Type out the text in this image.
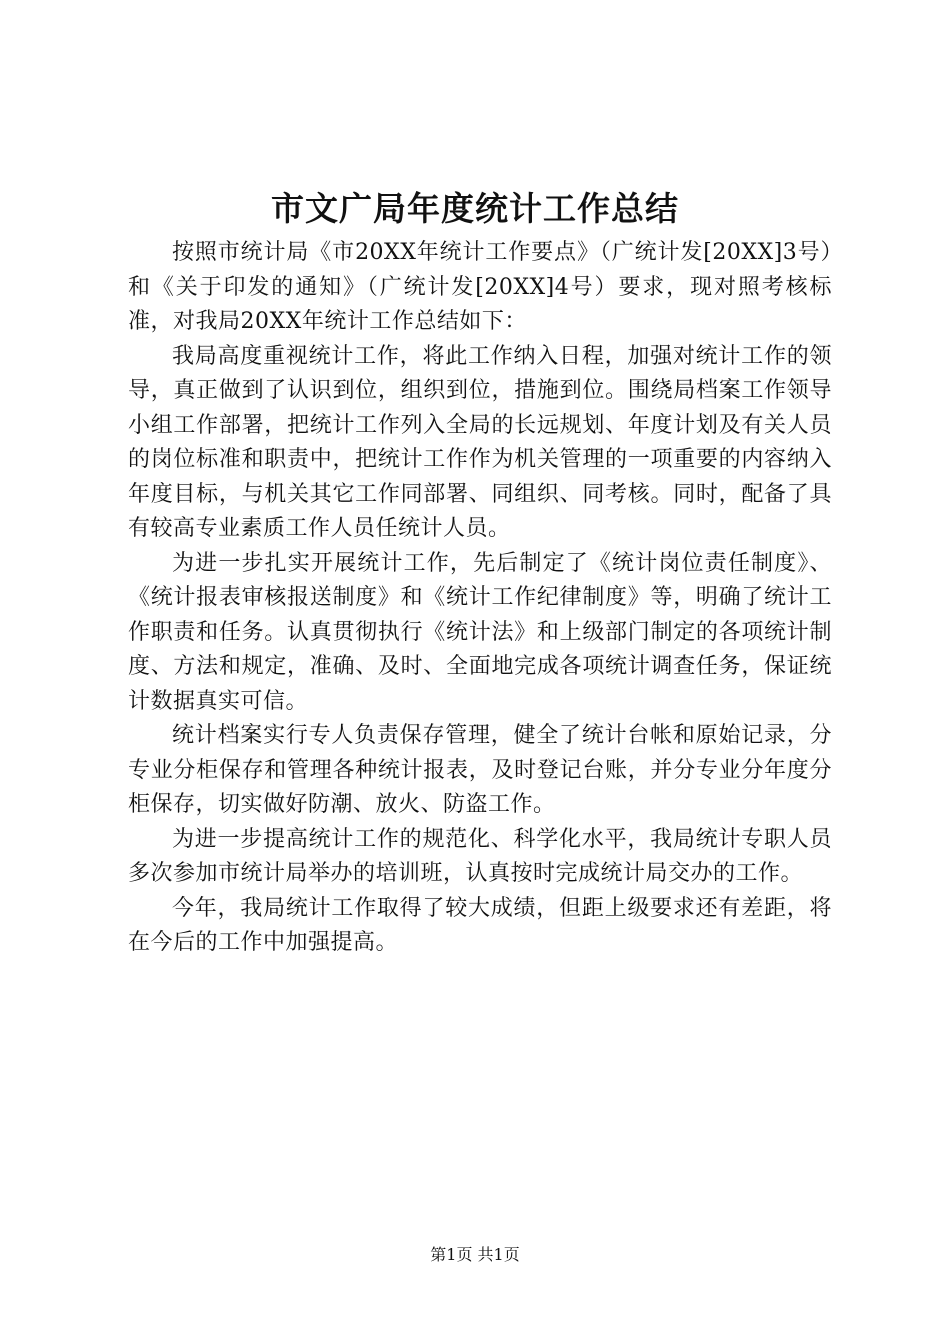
市文广局年度统计工作总结

按照市统计局《市20XX年统计工作要点》（广统计发[20XX]3号）和《关于印发的通知》（广统计发[20XX]4号）要求，现对照考核标准，对我局20XX年统计工作总结如下：

我局高度重视统计工作，将此工作纳入日程，加强对统计工作的领导，真正做到了认识到位，组织到位，措施到位。围绕局档案工作领导小组工作部署，把统计工作列入全局的长远规划、年度计划及有关人员的岗位标准和职责中，把统计工作作为机关管理的一项重要的内容纳入年度目标，与机关其它工作同部署、同组织、同考核。同时，配备了具有较高专业素质工作人员任统计人员。

为进一步扎实开展统计工作，先后制定了《统计岗位责任制度》、《统计报表审核报送制度》和《统计工作纪律制度》等，明确了统计工作职责和任务。认真贯彻执行《统计法》和上级部门制定的各项统计制度、方法和规定，准确、及时、全面地完成各项统计调查任务，保证统计数据真实可信。

统计档案实行专人负责保存管理，健全了统计台帐和原始记录，分专业分柜保存和管理各种统计报表，及时登记台账，并分专业分年度分柜保存，切实做好防潮、放火、防盗工作。

为进一步提高统计工作的规范化、科学化水平，我局统计专职人员多次参加市统计局举办的培训班，认真按时完成统计局交办的工作。

今年，我局统计工作取得了较大成绩，但距上级要求还有差距，将在今后的工作中加强提高。

第1页 共1页
